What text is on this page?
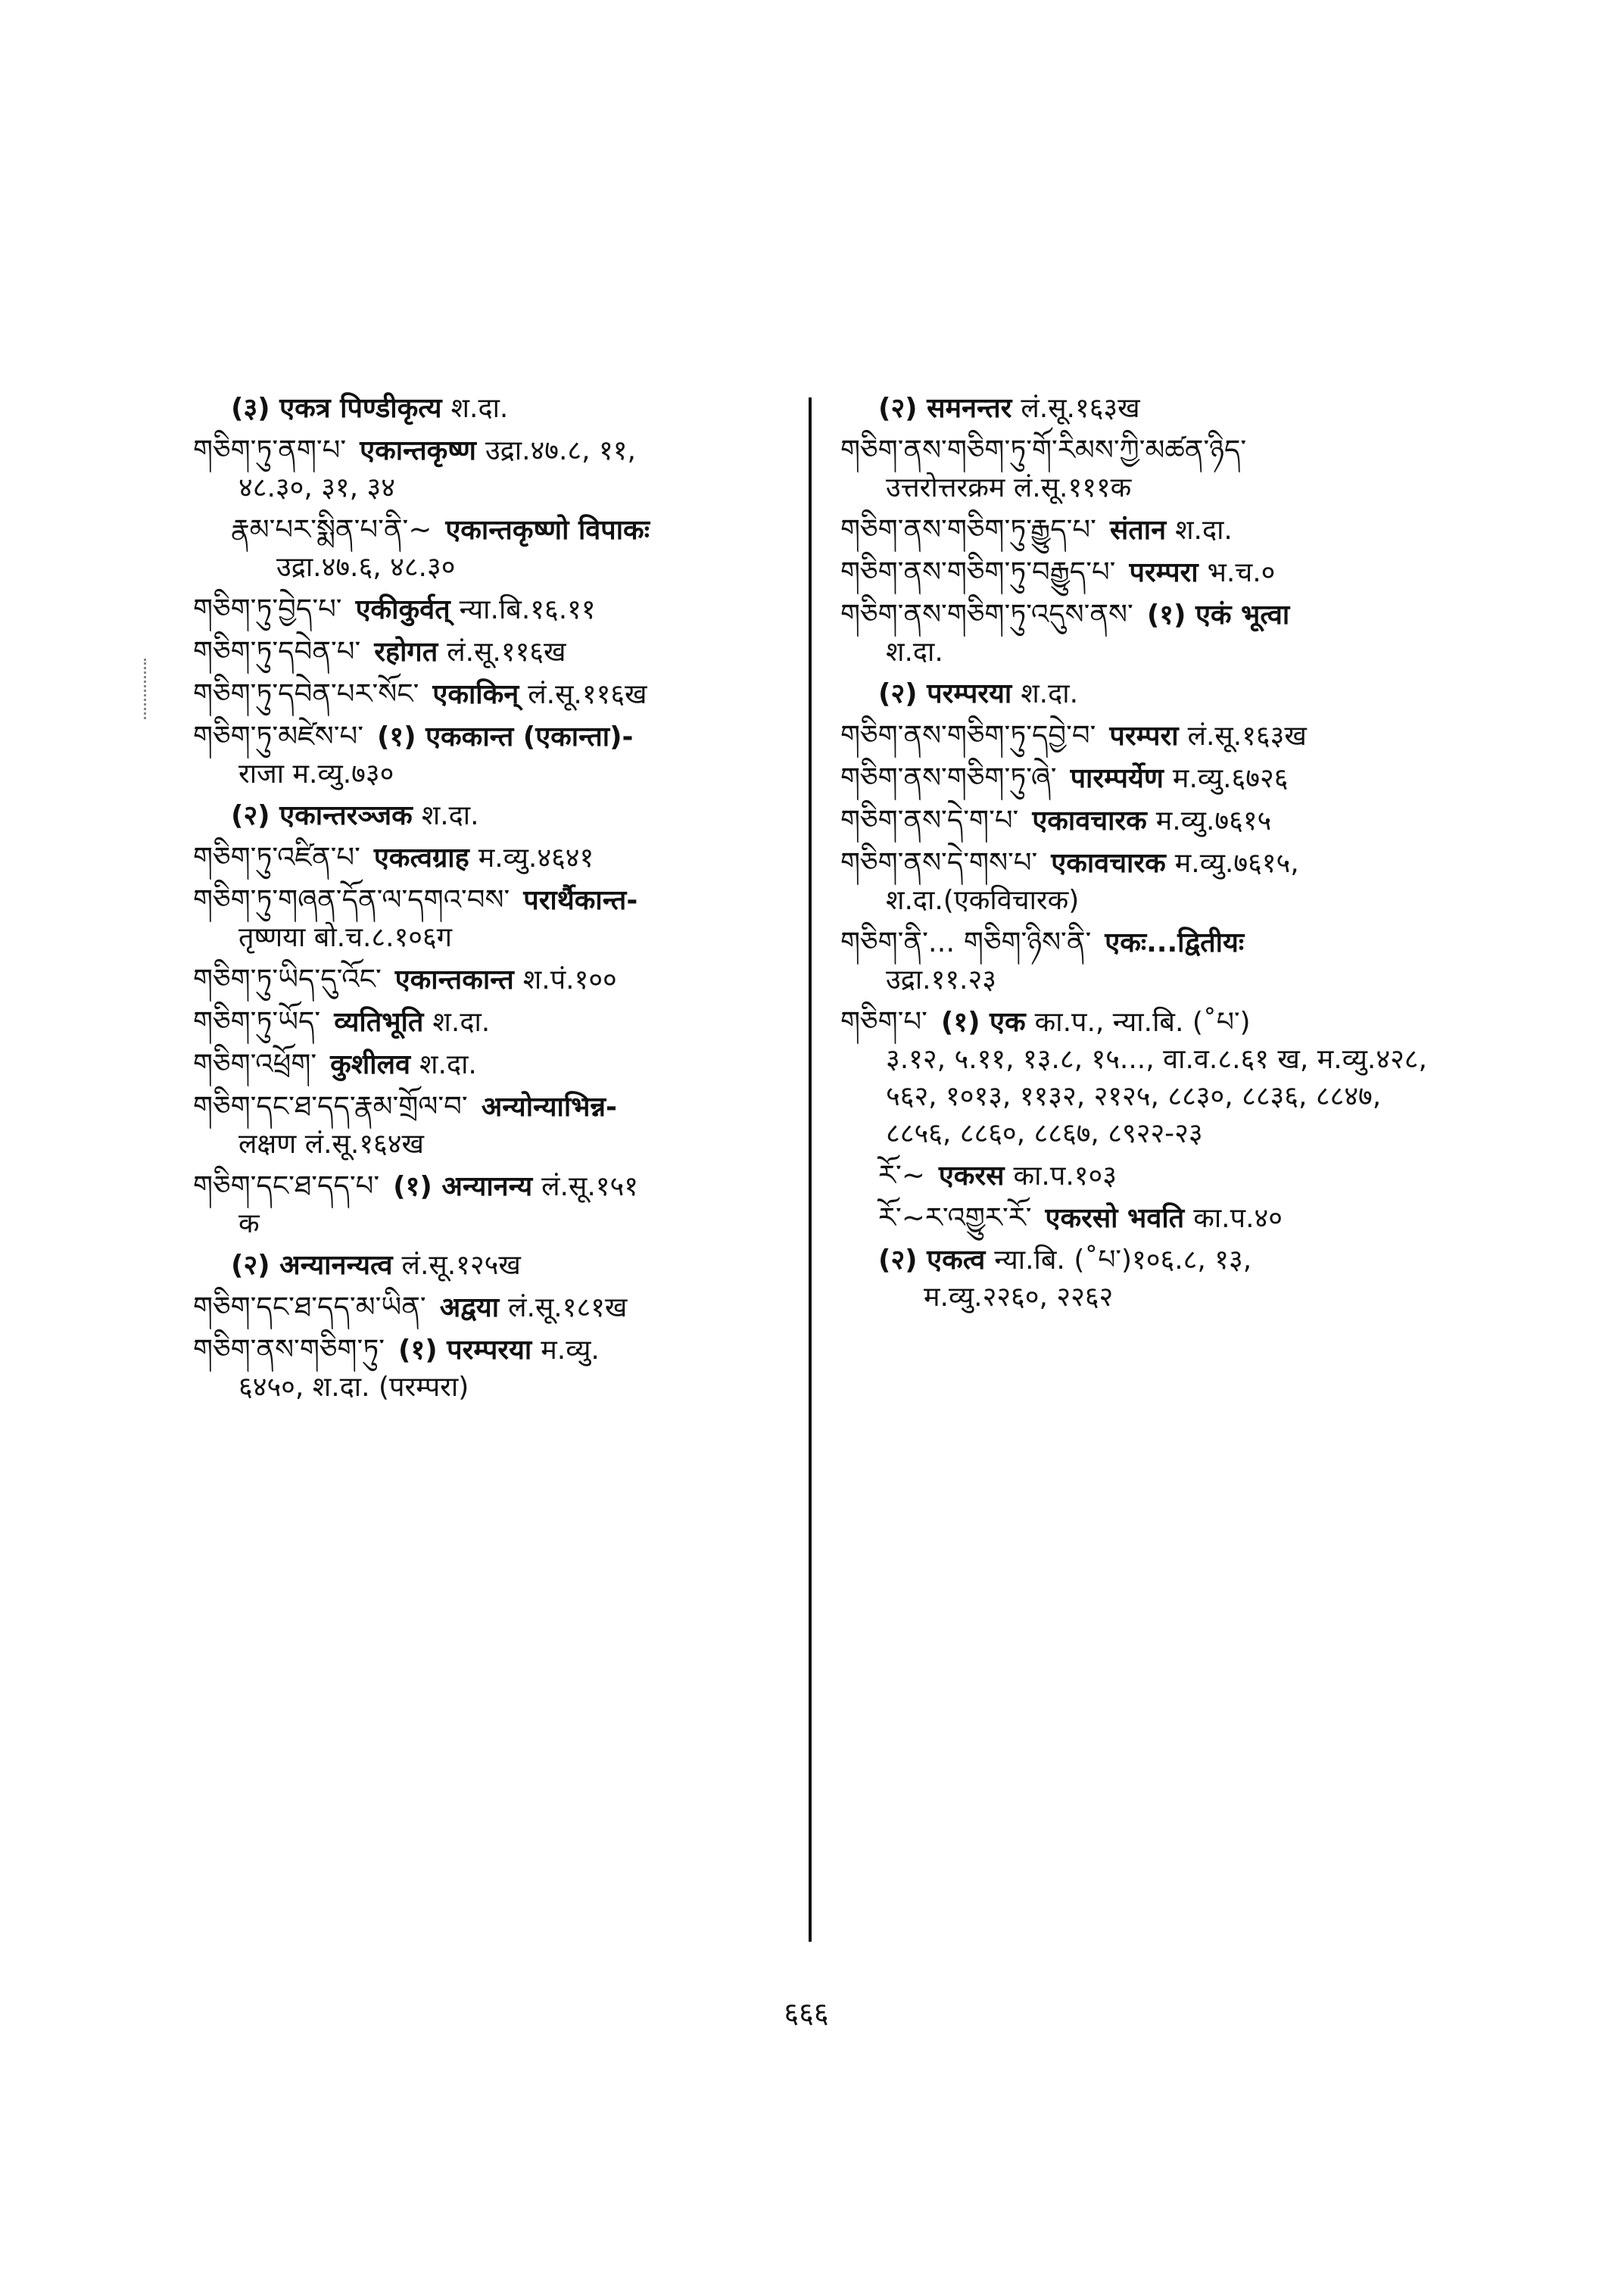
(३) एकत्र पिण्डीकृत्य श.दा.
གཅིག་ཏུ་ནག་པ་ एकान्तकृष्ण उद्रा.४७.८, ११,
४८.३०, ३१, ३४
རྣམ་པར་སྨིན་པ་ནི་~ एकान्तकृष्णो विपाकः
उद्रा.४७.६, ४८.३०
གཅིག་ཏུ་བྱེད་པ་ एकीकुर्वत् न्या.बि.१६.११
གཅིག་ཏུ་དབེན་པ་ रहोगत लं.सू.११६ख
གཅིག་ཏུ་དབེན་པར་སོང་ एकाकिन् लं.सू.११६ख
གཅིག་ཏུ་མཛེས་པ་ (१) एककान्त (एकान्ता)-
राजा म.व्यु.७३०
(२) एकान्तरञ्जक श.दा.
གཅིག་ཏུ་འཛིན་པ་ एकत्वग्राह म.व्यु.४६४१
གཅིག་ཏུ་གཞན་དོན་ལ་དགའ་བས་ परार्थैकान्त-
तृष्णया बो.च.८.१०६ग
གཅིག་ཏུ་ཡིད་དུ་འོང་ एकान्तकान्त श.पं.१००
གཅིག་ཏུ་ཡོད་ व्यतिभूति श.दा.
གཅིག་འཕྲོག་ कुशीलव श.दा.
གཅིག་དང་ཐ་དད་རྣམ་གྲོལ་བ་ अन्योन्याभिन्न-
लक्षण लं.सू.१६४ख
གཅིག་དང་ཐ་དད་པ་ (१) अन्यानन्य लं.सू.१५१
क
(२) अन्यानन्यत्व लं.सू.१२५ख
གཅིག་དང་ཐ་དད་མ་ཡིན་ अद्वया लं.सू.१८१ख
གཅིག་ནས་གཅིག་ཏུ་ (१) परम्परया म.व्यु.
६४५०, श.दा. (परम्परा)
(२) समनन्तर लं.सू.१६३ख
གཅིག་ནས་གཅིག་ཏུ་གོ་རིམས་ཀྱི་མཚན་ཉིད་
उत्तरोत्तरक्रम लं.सू.१११क
གཅིག་ནས་གཅིག་ཏུ་རྒྱུད་པ་ संतान श.दा.
གཅིག་ནས་གཅིག་ཏུ་བརྒྱུད་པ་ परम्परा भ.च.०
གཅིག་ནས་གཅིག་ཏུ་འདུས་ནས་ (१) एकं भूत्वा
श.दा.
(२) परम्परया श.दा.
གཅིག་ནས་གཅིག་ཏུ་དབྱེ་བ་ परम्परा लं.सू.१६३ख
གཅིག་ནས་གཅིག་ཏུ་ཞེ་ पारम्पर्येण म.व्यु.६७२६
གཅིག་ནས་དེ་ག་པ་ एकावचारक म.व्यु.७६१५
གཅིག་ནས་དེ་གས་པ་ एकावचारक म.व्यु.७६१५,
श.दा.(एकविचारक)
གཅིག་ནི་... གཅིག་ཉིས་ནི་ एकः...द्वितीयः
उद्रा.११.२३
གཅིག་པ་ (१) एक का.प., न्या.बि. (˚པ་)
३.१२, ५.११, १३.८, १५..., वा.व.८.६१ ख, म.व्यु.४२८, ५६२, १०१३, ११३२, २१२५, ८८३०, ८८३६, ८८४७, ८८५६, ८८६०, ८८६७, ८९२२-२३
རོ་~ एकरस का.प.१०३
རོ་~ར་འགྱུར་རོ་ एकरसो भवति का.प.४०
(२) एकत्व न्या.बि. (˚པ་)१०६.८, १३,
म.व्यु.२२६०, २२६२
६६६
